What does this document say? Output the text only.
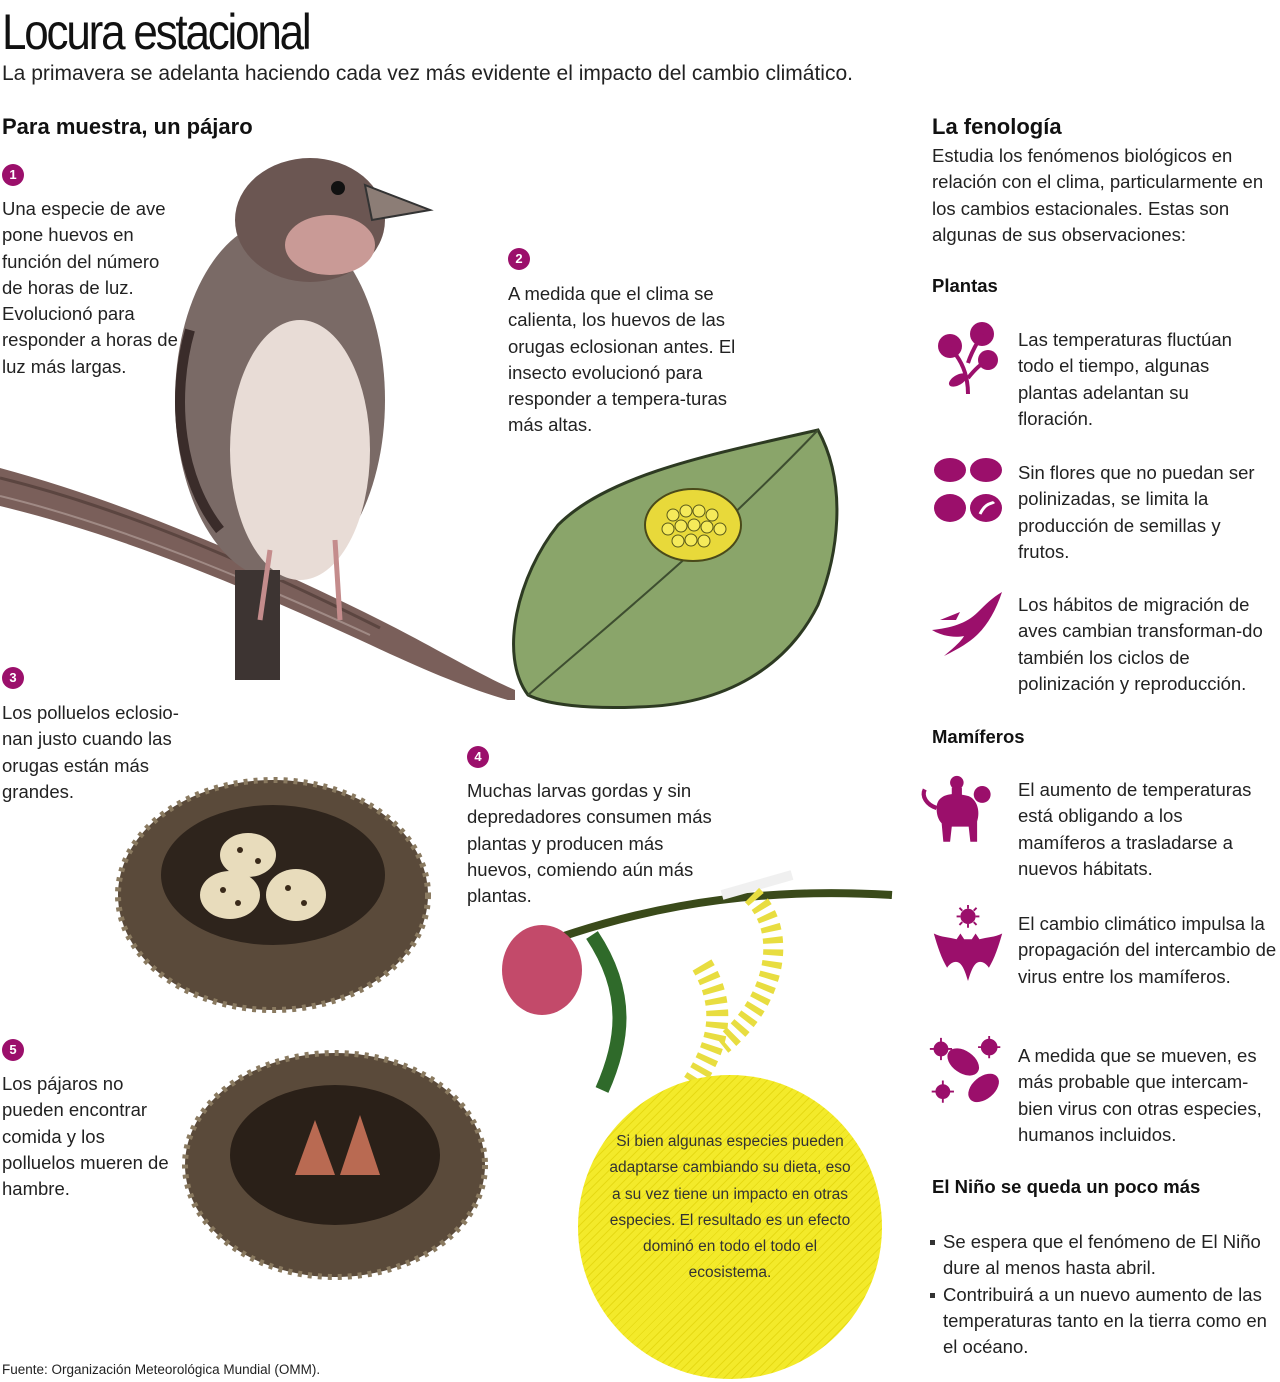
Locura estacional
La primavera se adelanta haciendo cada vez más evidente el impacto del cambio climático.
Para muestra, un pájaro
1
Una especie de ave pone huevos en función del número de horas de luz. Evolucionó para responder a horas de luz más largas.
2
A medida que el clima se calienta, los huevos de las orugas eclosionan antes. El insecto evolucionó para responder a tempera-turas más altas.
3
Los polluelos eclosio-nan justo cuando las orugas están más grandes.
4
Muchas larvas gordas y sin depredadores consumen más plantas y producen más huevos, comiendo aún más plantas.
5
Los pájaros no pueden encontrar comida y los polluelos mueren de hambre.
Si bien algunas especies pueden adaptarse cambiando su dieta, eso a su vez tiene un impacto en otras especies. El resultado es un efecto dominó en todo el todo el ecosistema.
La fenología
Estudia los fenómenos biológicos en relación con el clima, particularmente en los cambios estacionales. Estas son algunas de sus observaciones:
Plantas
Las temperaturas fluctúan todo el tiempo, algunas plantas adelantan su floración.
Sin flores que no puedan ser polinizadas, se limita la producción de semillas y frutos.
Los hábitos de migración de aves cambian transforman-do también los ciclos de polinización y reproducción.
Mamíferos
El aumento de temperaturas está obligando a los mamíferos a trasladarse a nuevos hábitats.
El cambio climático impulsa la propagación del intercambio de virus entre los mamíferos.
A medida que se mueven, es más probable que intercam-bien virus con otras especies, humanos incluidos.
El Niño se queda un poco más
Se espera que el fenómeno de El Niño dure al menos hasta abril.
Contribuirá a un nuevo aumento de las temperaturas tanto en la tierra como en el océano.
Fuente: Organización Meteorológica Mundial (OMM).
